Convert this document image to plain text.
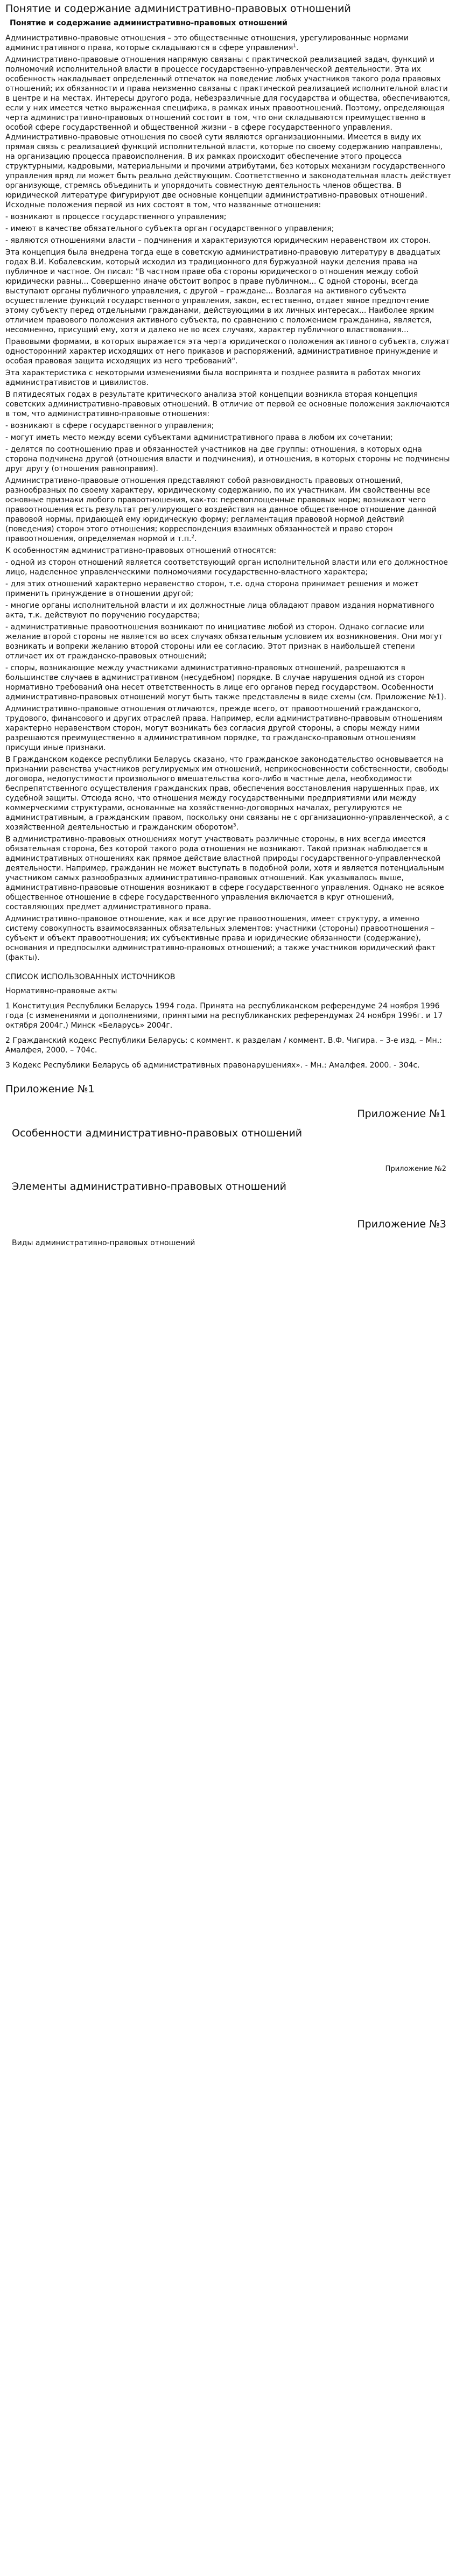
Понятие и содержание административно-правовых отношений
Понятие и содержание административно-правовых отношений

Административно-правовые отношения – это общественные отношения, урегулированные нормами административного права, которые складываются в сфере управления$^1$.

Административно-правовые отношения напрямую связаны с практической реализацией задач, функций и полномочий исполнительной власти в процессе государственно-управленческой деятельности. Эта их особенность накладывает определенный отпечаток на поведение любых участников такого рода правовых отношений; их обязанности и права неизменно связаны с практической реализацией исполнительной власти в центре и на местах. Интересы другого рода, небезразличные для государства и общества, обеспечиваются, если у них имеется четко выраженная специфика, в рамках иных правоотношений. Поэтому, определяющая черта административно-правовых отношений состоит в том, что они складываются преимущественно в особой сфере государственной и общественной жизни - в сфере государственного управления. Административно-правовые отношения по своей сути являются организационными. Имеется в виду их прямая связь с реализацией функций исполнительной власти, которые по своему содержанию направлены, на организацию процесса правоисполнения. В их рамках происходит обеспечение этого процесса структурными, кадровыми, материальными и прочими атрибутами, без которых механизм государственного управления вряд ли может быть реально действующим. Соответственно и законодательная власть действует организующе, стремясь объединить и упорядочить совместную деятельность членов общества. В юридической литературе фигурируют две основные концепции административно-правовых отношений. Исходные положения первой из них состоят в том, что названные отношения:

- возникают в процессе государственного управления;

- имеют в качестве обязательного субъекта орган государственного управления;

- являются отношениями власти – подчинения и характеризуются юридическим неравенством их сторон.

Эта концепция была внедрена тогда еще в советскую административно-правовую литературу в двадцатых годах В.И. Кобалевским, который исходил из традиционного для буржуазной науки деления права на публичное и частное. Он писал: "В частном праве оба стороны юридического отношения между собой юридически равны... Совершенно иначе обстоит вопрос в праве публичном... С одной стороны, всегда выступают органы публичного управления, с другой – граждане... Возлагая на активного субъекта осуществление функций государственного управления, закон, естественно, отдает явное предпочтение этому субъекту перед отдельными гражданами, действующими в их личных интересах... Наиболее ярким отличием правового положения активного субъекта, по сравнению с положением гражданина, является, несомненно, присущий ему, хотя и далеко не во всех случаях, характер публичного властвования...

Правовыми формами, в которых выражается эта черта юридического положения активного субъекта, служат односторонний характер исходящих от него приказов и распоряжений, административное принуждение и особая правовая защита исходящих из него требований".

Эта характеристика с некоторыми изменениями была воспринята и позднее развита в работах многих административистов и цивилистов.

В пятидесятых годах в результате критического анализа этой концепции возникла вторая концепция советских административно-правовых отношений. В отличие от первой ее основные положения заключаются в том, что административно-правовые отношения:

- возникают в сфере государственного управления;

- могут иметь место между всеми субъектами административного права в любом их сочетании;

- делятся по соотношению прав и обязанностей участников на две группы: отношения, в которых одна сторона подчинена другой (отношения власти и подчинения), и отношения, в которых стороны не подчинены друг другу (отношения равноправия).

Административно-правовые отношения представляют собой разновидность правовых отношений, разнообразных по своему характеру, юридическому содержанию, по их участникам. Им свойственны все основные признаки любого правоотношения, как-то: перевоплощенные правовых норм; возникают чего правоотношения есть результат регулирующего воздействия на данное общественное отношение данной правовой нормы, придающей ему юридическую форму; регламентация правовой нормой действий (поведения) сторон этого отношения; корреспонденция взаимных обязанностей и право сторон правоотношения, определяемая нормой и т.п.$^2$.

К особенностям административно-правовых отношений относятся:

- одной из сторон отношений является соответствующий орган исполнительной власти или его должностное лицо, наделенное управленческими полномочиями государственно-властного характера;

- для этих отношений характерно неравенство сторон, т.е. одна сторона принимает решения и может применить принуждение в отношении другой;

- многие органы исполнительной власти и их должностные лица обладают правом издания нормативного акта, т.к. действуют по поручению государства;

- административные правоотношения возникают по инициативе любой из сторон. Однако согласие или желание второй стороны не является во всех случаях обязательным условием их возникновения. Они могут возникать и вопреки желанию второй стороны или ее согласию. Этот признак в наибольшей степени отличает их от гражданско-правовых отношений;

- споры, возникающие между участниками административно-правовых отношений, разрешаются в большинстве случаев в административном (несудебном) порядке. В случае нарушения одной из сторон нормативно требований она несет ответственность в лице его органов перед государством. Особенности административно-правовых отношений могут быть также представлены в виде схемы (см. Приложение №1).

Административно-правовые отношения отличаются, прежде всего, от правоотношений гражданского, трудового, финансового и других отраслей права. Например, если административно-правовым отношениям характерно неравенством сторон, могут возникать без согласия другой стороны, а споры между ними разрешаются преимущественно в административном порядке, то гражданско-правовым отношениям присущи иные признаки.

В Гражданском кодексе республики Беларусь сказано, что гражданское законодательство основывается на признании равенства участников регулируемых им отношений, неприкосновенности собственности, свободы договора, недопустимости произвольного вмешательства кого-либо в частные дела, необходимости беспрепятственного осуществления гражданских прав, обеспечения восстановления нарушенных прав, их судебной защиты. Отсюда ясно, что отношения между государственными предприятиями или между коммерческими структурами, основанные на хозяйственно-договорных началах, регулируются не административным, а гражданским правом, поскольку они связаны не с организационно-управленческой, а с хозяйственной деятельностью и гражданским оборотом$^3$.

В административно-правовых отношениях могут участвовать различные стороны, в них всегда имеется обязательная сторона, без которой такого рода отношения не возникают. Такой признак наблюдается в административных отношениях как прямое действие властной природы государственного-управленческой деятельности. Например, гражданин не может выступать в подобной роли, хотя и является потенциальным участником самых разнообразных административно-правовых отношений. Как указывалось выше, административно-правовые отношения возникают в сфере государственного управления. Однако не всякое общественное отношение в сфере государственного управления включается в круг отношений, составляющих предмет административного права.

Административно-правовое отношение, как и все другие правоотношения, имеет структуру, а именно систему совокупность взаимосвязанных обязательных элементов: участники (стороны) правоотношения – субъект и объект правоотношения; их субъективные права и юридические обязанности (содержание), основания и предпосылки административно-правовых отношений; а также участников юридический факт (факты).

СПИСОК ИСПОЛЬЗОВАННЫХ ИСТОЧНИКОВ

Нормативно-правовые акты

1 Конституция Республики Беларусь 1994 года. Принята на республиканском референдуме 24 ноября 1996 года (с изменениями и дополнениями, принятыми на республиканских референдумах 24 ноября 1996г. и 17 октября 2004г.) Минск «Беларусь» 2004г.

2 Гражданский кодекс Республики Беларусь: с коммент. к разделам / коммент. В.Ф. Чигира. – 3-е изд. – Мн.: Амалфея, 2000. – 704с.

3 Кодекс Республики Беларусь об административных правонарушениях». - Мн.: Амалфея. 2000. - 304с.

Приложение №1
Приложение №1
Особенности административно-правовых отношений
Приложение №2
Элементы административно-правовых отношений
Приложение №3
Виды административно-правовых отношений
